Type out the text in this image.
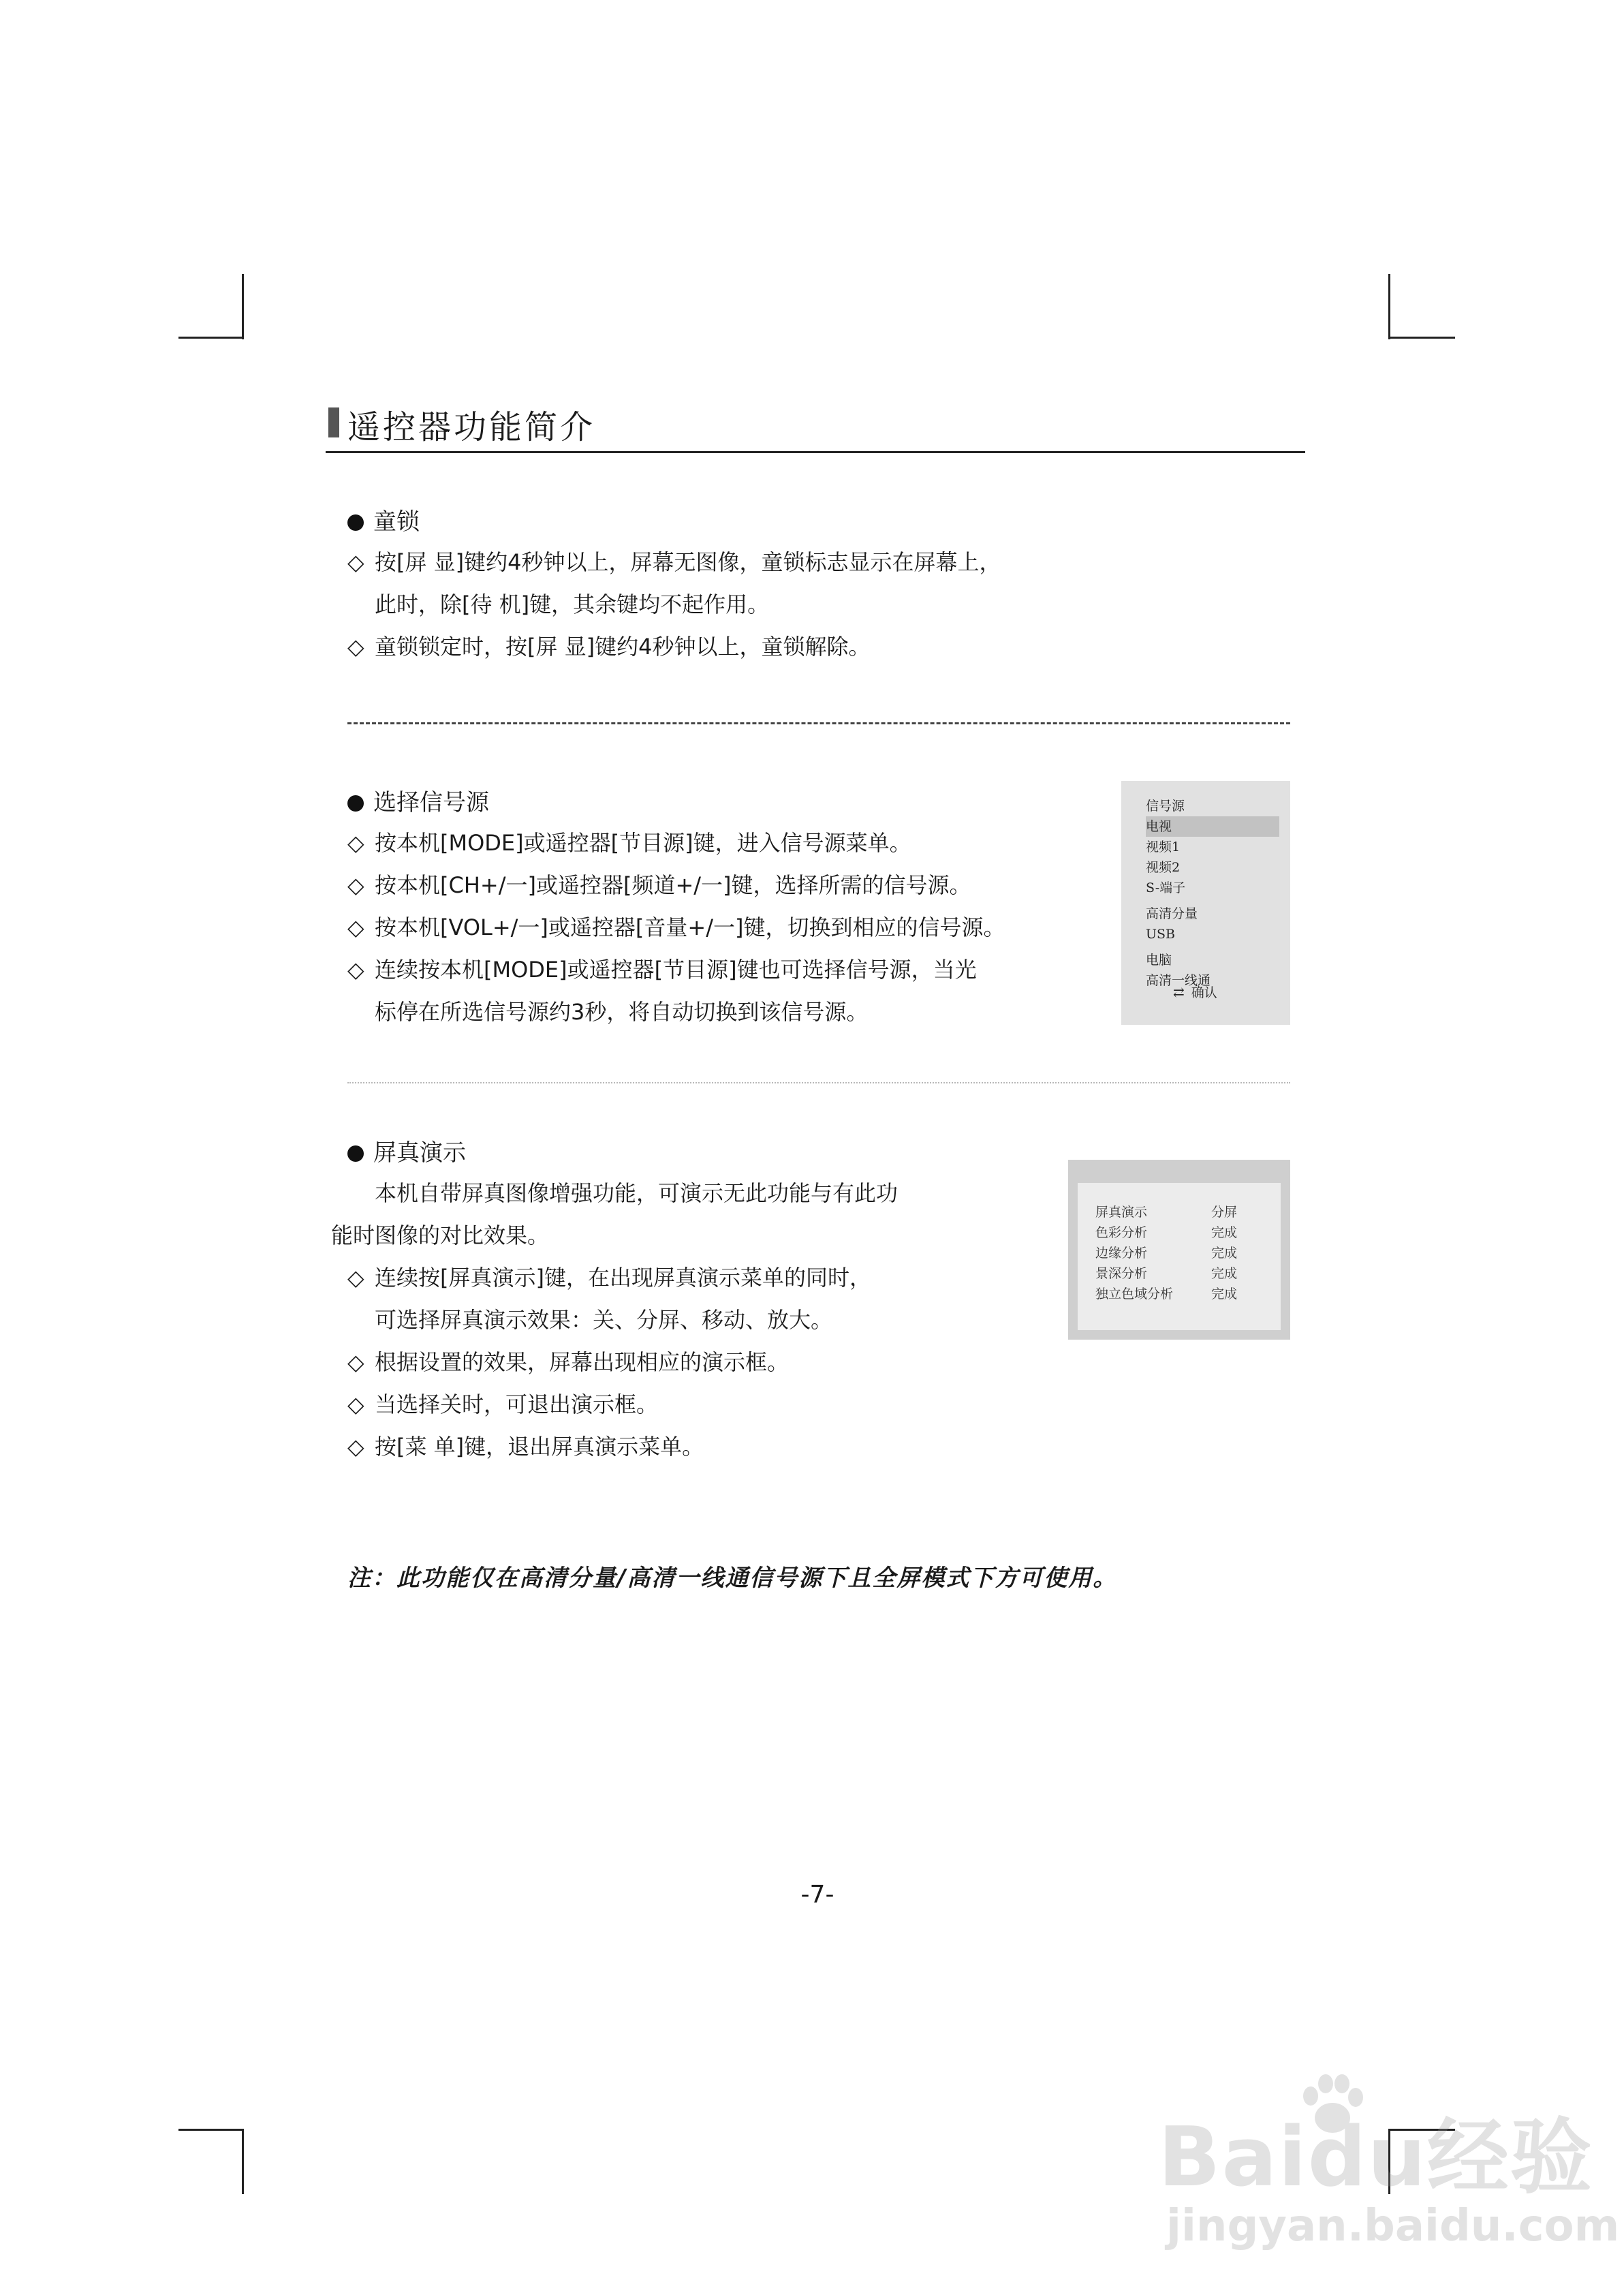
遥控器功能简介
童锁
◇ 按[屏 显]键约4秒钟以上，屏幕无图像，童锁标志显示在屏幕上，
此时，除[待 机]键，其余键均不起作用。
◇ 童锁锁定时，按[屏 显]键约4秒钟以上，童锁解除。
选择信号源
◇ 按本机[MODE]或遥控器[节目源]键，进入信号源菜单。
◇ 按本机[CH+/一]或遥控器[频道+/一]键，选择所需的信号源。
◇ 按本机[VOL+/一]或遥控器[音量+/一]键，切换到相应的信号源。
◇ 连续按本机[MODE]或遥控器[节目源]键也可选择信号源，当光
标停在所选信号源约3秒，将自动切换到该信号源。
信号源
电视
视频1
视频2
S-端子
高清分量
USB
电脑
高清一线通
⇄ 确认
屏真演示
本机自带屏真图像增强功能，可演示无此功能与有此功
能时图像的对比效果。
◇ 连续按[屏真演示]键，在出现屏真演示菜单的同时，
可选择屏真演示效果：关、分屏、移动、放大。
◇ 根据设置的效果，屏幕出现相应的演示框。
◇ 当选择关时，可退出演示框。
◇ 按[菜 单]键，退出屏真演示菜单。
屏真演示	分屏
色彩分析	完成
边缘分析	完成
景深分析	完成
独立色域分析	完成
注：此功能仅在高清分量/高清一线通信号源下且全屏模式下方可使用。
-7-
Baidu经验
jingyan.baidu.com
